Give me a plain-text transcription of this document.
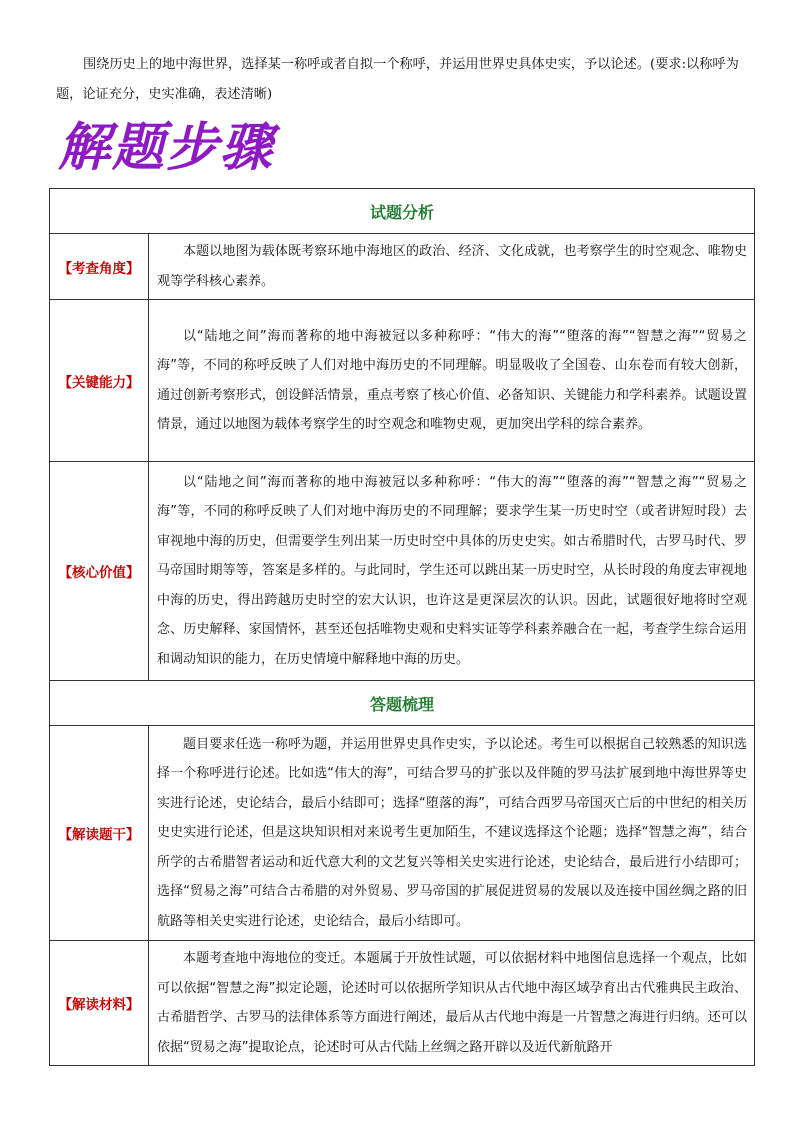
围绕历史上的地中海世界，选择某一称呼或者自拟一个称呼，并运用世界史具体史实，予以论述。(要求:以称呼为题，论证充分，史实准确，表述清晰)
解题步骤
试题分析	
【考查角度】	本题以地图为载体既考察环地中海地区的政治、经济、文化成就，也考察学生的时空观念、唯物史观等学科核心素养。
【关键能力】	以“陆地之间”海而著称的地中海被冠以多种称呼：“伟大的海”“堕落的海”“智慧之海”“贸易之海”等，不同的称呼反映了人们对地中海历史的不同理解。明显吸收了全国卷、山东卷而有较大创新，通过创新考察形式，创设鲜活情景，重点考察了核心价值、必备知识、关键能力和学科素养。试题设置情景，通过以地图为载体考察学生的时空观念和唯物史观，更加突出学科的综合素养。
【核心价值】	以“陆地之间”海而著称的地中海被冠以多种称呼：“伟大的海”“堕落的海”“智慧之海”“贸易之海”等，不同的称呼反映了人们对地中海历史的不同理解；要求学生某一历史时空（或者讲短时段）去审视地中海的历史，但需要学生列出某一历史时空中具体的历史史实。如古希腊时代，古罗马时代、罗马帝国时期等等，答案是多样的。与此同时，学生还可以跳出某一历史时空，从长时段的角度去审视地中海的历史，得出跨越历史时空的宏大认识，也许这是更深层次的认识。因此，试题很好地将时空观念、历史解释、家国情怀，甚至还包括唯物史观和史料实证等学科素养融合在一起，考查学生综合运用和调动知识的能力，在历史情境中解释地中海的历史。
答题梳理	
【解读题干】	题目要求任选一称呼为题，并运用世界史具作史实，予以论述。考生可以根据自己较熟悉的知识选择一个称呼进行论述。比如选“伟大的海”，可结合罗马的扩张以及伴随的罗马法扩展到地中海世界等史实进行论述，史论结合，最后小结即可；选择“堕落的海”，可结合西罗马帝国灭亡后的中世纪的相关历史史实进行论述，但是这块知识相对来说考生更加陌生，不建议选择这个论题；选择“智慧之海”，结合所学的古希腊智者运动和近代意大利的文艺复兴等相关史实进行论述，史论结合，最后进行小结即可；选择“贸易之海”可结合古希腊的对外贸易、罗马帝国的扩展促进贸易的发展以及连接中国丝绸之路的旧航路等相关史实进行论述，史论结合，最后小结即可。
【解读材料】	本题考查地中海地位的变迁。本题属于开放性试题，可以依据材料中地图信息选择一个观点，比如可以依据“智慧之海”拟定论题，论述时可以依据所学知识从古代地中海区域孕育出古代雅典民主政治、古希腊哲学、古罗马的法律体系等方面进行阐述，最后从古代地中海是一片智慧之海进行归纳。还可以依据“贸易之海”提取论点，论述时可从古代陆上丝绸之路开辟以及近代新航路开
